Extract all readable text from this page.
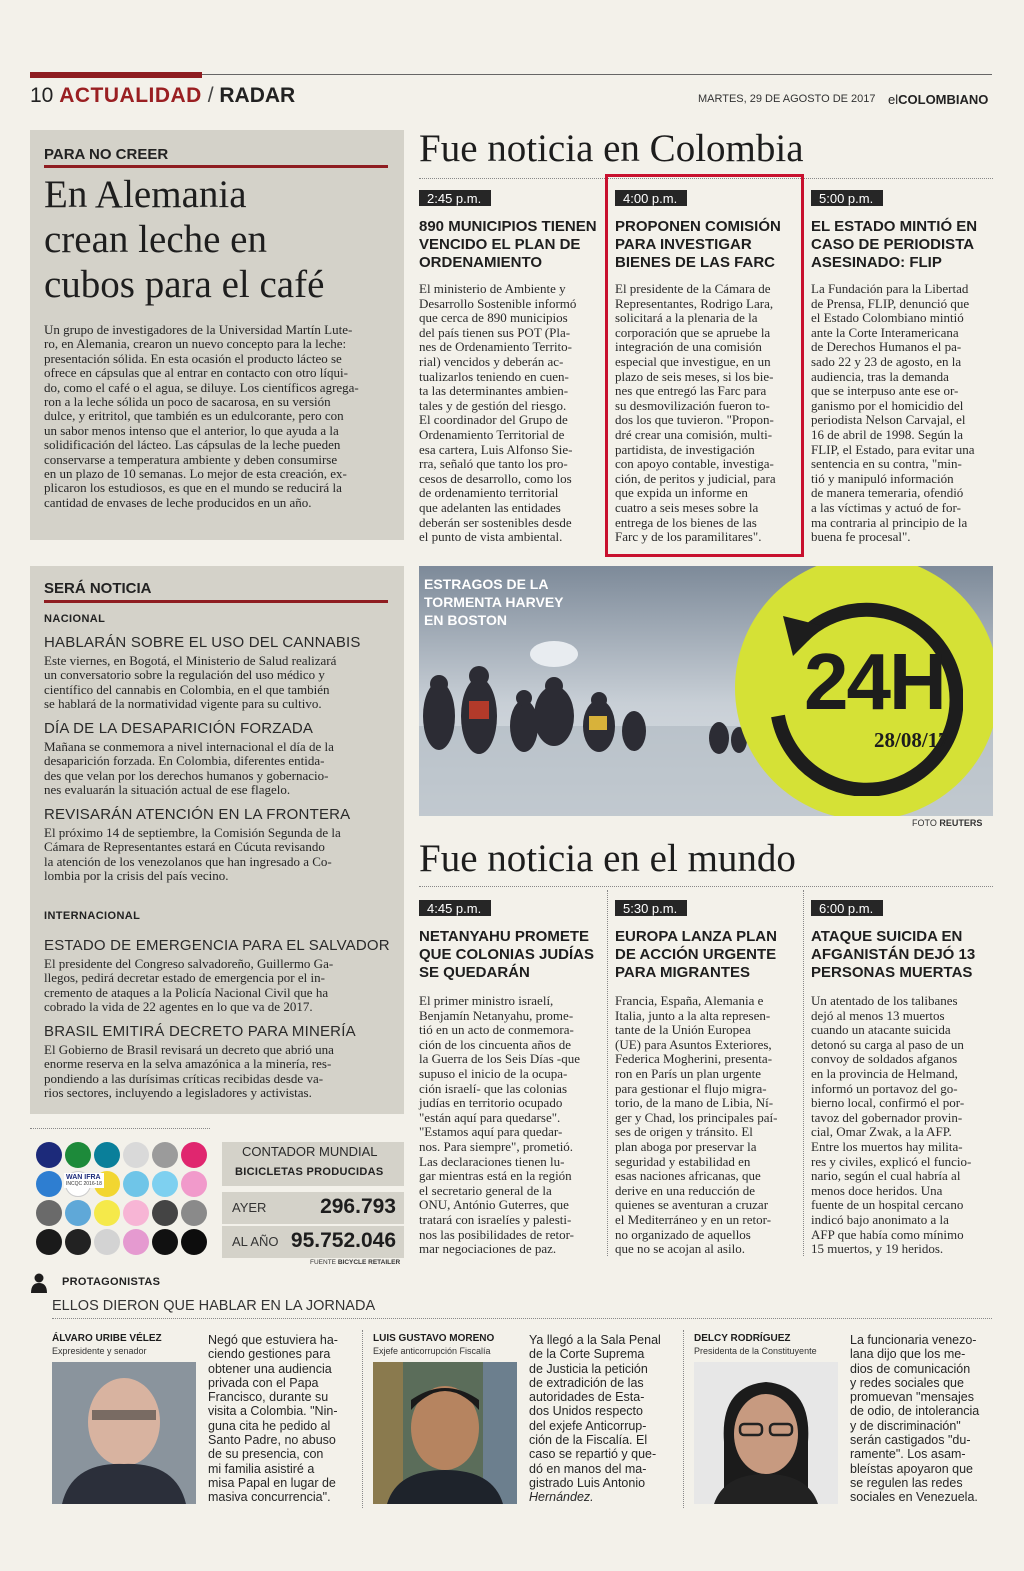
10 ACTUALIDAD / RADAR	MARTES, 29 DE AGOSTO DE 2017 elCOLOMBIANO
PARA NO CREER
En Alemania
crean leche en
cubos para el café
Un grupo de investigadores de la Universidad Martín Lute-
ro, en Alemania, crearon un nuevo concepto para la leche:
presentación sólida. En esta ocasión el producto lácteo se
ofrece en cápsulas que al entrar en contacto con otro líqui-
do, como el café o el agua, se diluye. Los científicos agrega-
ron a la leche sólida un poco de sacarosa, en su versión
dulce, y eritritol, que también es un edulcorante, pero con
un sabor menos intenso que el anterior, lo que ayuda a la
solidificación del lácteo. Las cápsulas de la leche pueden
conservarse a temperatura ambiente y deben consumirse
en un plazo de 10 semanas. Lo mejor de esta creación, ex-
plicaron los estudiosos, es que en el mundo se reducirá la
cantidad de envases de leche producidos en un año.
SERÁ NOTICIA
NACIONAL
HABLARÁN SOBRE EL USO DEL CANNABIS
Este viernes, en Bogotá, el Ministerio de Salud realizará
un conversatorio sobre la regulación del uso médico y
científico del cannabis en Colombia, en el que también
se hablará de la normatividad vigente para su cultivo.
DÍA DE LA DESAPARICIÓN FORZADA
Mañana se conmemora a nivel internacional el día de la
desaparición forzada. En Colombia, diferentes entida-
des que velan por los derechos humanos y gobernacio-
nes evaluarán la situación actual de ese flagelo.
REVISARÁN ATENCIÓN EN LA FRONTERA
El próximo 14 de septiembre, la Comisión Segunda de la
Cámara de Representantes estará en Cúcuta revisando
la atención de los venezolanos que han ingresado a Co-
lombia por la crisis del país vecino.
INTERNACIONAL
ESTADO DE EMERGENCIA PARA EL SALVADOR
El presidente del Congreso salvadoreño, Guillermo Ga-
llegos, pedirá decretar estado de emergencia por el in-
cremento de ataques a la Policía Nacional Civil que ha
cobrado la vida de 22 agentes en lo que va de 2017.
BRASIL EMITIRÁ DECRETO PARA MINERÍA
El Gobierno de Brasil revisará un decreto que abrió una
enorme reserva en la selva amazónica a la minería, res-
pondiendo a las durísimas críticas recibidas desde va-
rios sectores, incluyendo a legisladores y activistas.
Fue noticia en Colombia
2:45 p.m.
890 MUNICIPIOS TIENEN
VENCIDO EL PLAN DE
ORDENAMIENTO
El ministerio de Ambiente y
Desarrollo Sostenible informó
que cerca de 890 municipios
del país tienen sus POT (Pla-
nes de Ordenamiento Territo-
rial) vencidos y deberán ac-
tualizarlos teniendo en cuen-
ta las determinantes ambien-
tales y de gestión del riesgo.
El coordinador del Grupo de
Ordenamiento Territorial de
esa cartera, Luis Alfonso Sie-
rra, señaló que tanto los pro-
cesos de desarrollo, como los
de ordenamiento territorial
que adelanten las entidades
deberán ser sostenibles desde
el punto de vista ambiental.
4:00 p.m.
PROPONEN COMISIÓN
PARA INVESTIGAR
BIENES DE LAS FARC
El presidente de la Cámara de
Representantes, Rodrigo Lara,
solicitará a la plenaria de la
corporación que se apruebe la
integración de una comisión
especial que investigue, en un
plazo de seis meses, si los bie-
nes que entregó las Farc para
su desmovilización fueron to-
dos los que tuvieron. "Propon-
dré crear una comisión, multi-
partidista, de investigación
con apoyo contable, investiga-
ción, de peritos y judicial, para
que expida un informe en
cuatro a seis meses sobre la
entrega de los bienes de las
Farc y de los paramilitares".
5:00 p.m.
EL ESTADO MINTIÓ EN
CASO DE PERIODISTA
ASESINADO: FLIP
La Fundación para la Libertad
de Prensa, FLIP, denunció que
el Estado Colombiano mintió
ante la Corte Interamericana
de Derechos Humanos el pa-
sado 22 y 23 de agosto, en la
audiencia, tras la demanda
que se interpuso ante ese or-
ganismo por el homicidio del
periodista Nelson Carvajal, el
16 de abril de 1998. Según la
FLIP, el Estado, para evitar una
sentencia en su contra, "min-
tió y manipuló información
de manera temeraria, ofendió
a las víctimas y actuó de for-
ma contraria al principio de la
buena fe procesal".
ESTRAGOS DE LA
TORMENTA HARVEY
EN BOSTON
24H
28/08/17
FOTO REUTERS
Fue noticia en el mundo
4:45 p.m.
NETANYAHU PROMETE
QUE COLONIAS JUDÍAS
SE QUEDARÁN
El primer ministro israelí,
Benjamín Netanyahu, prome-
tió en un acto de conmemora-
ción de los cincuenta años de
la Guerra de los Seis Días -que
supuso el inicio de la ocupa-
ción israelí- que las colonias
judías en territorio ocupado
"están aquí para quedarse".
"Estamos aquí para quedar-
nos. Para siempre", prometió.
Las declaraciones tienen lu-
gar mientras está en la región
el secretario general de la
ONU, António Guterres, que
tratará con israelíes y palesti-
nos las posibilidades de retor-
mar negociaciones de paz.
5:30 p.m.
EUROPA LANZA PLAN
DE ACCIÓN URGENTE
PARA MIGRANTES
Francia, España, Alemania e
Italia, junto a la alta represen-
tante de la Unión Europea
(UE) para Asuntos Exteriores,
Federica Mogherini, presenta-
ron en París un plan urgente
para gestionar el flujo migra-
torio, de la mano de Libia, Ní-
ger y Chad, los principales paí-
ses de origen y tránsito. El
plan aboga por preservar la
seguridad y estabilidad en
esas naciones africanas, que
derive en una reducción de
quienes se aventuran a cruzar
el Mediterráneo y en un retor-
no organizado de aquellos
que no se acojan al asilo.
6:00 p.m.
ATAQUE SUICIDA EN
AFGANISTÁN DEJÓ 13
PERSONAS MUERTAS
Un atentado de los talibanes
dejó al menos 13 muertos
cuando un atacante suicida
detonó su carga al paso de un
convoy de soldados afganos
en la provincia de Helmand,
informó un portavoz del go-
bierno local, confirmó el por-
tavoz del gobernador provin-
cial, Omar Zwak, a la AFP.
Entre los muertos hay milita-
res y civiles, explicó el funcio-
nario, según el cual habría al
menos doce heridos. Una
fuente de un hospital cercano
indicó bajo anonimato a la
AFP que había como mínimo
15 muertos, y 19 heridos.
WAN IFRA
INCQC 2016-18
CONTADOR MUNDIAL
BICICLETAS PRODUCIDAS
AYER	296.793
AL AÑO 95.752.046
FUENTE BICYCLE RETAILER
PROTAGONISTAS
ELLOS DIERON QUE HABLAR EN LA JORNADA
ÁLVARO URIBE VÉLEZ
Expresidente y senador
Negó que estuviera ha-
ciendo gestiones para
obtener una audiencia
privada con el Papa
Francisco, durante su
visita a Colombia. "Nin-
guna cita he pedido al
Santo Padre, no abuso
de su presencia, con
mi familia asistiré a
misa Papal en lugar de
masiva concurrencia".
LUIS GUSTAVO MORENO
Exjefe anticorrupción Fiscalía
Ya llegó a la Sala Penal
de la Corte Suprema
de Justicia la petición
de extradición de las
autoridades de Esta-
dos Unidos respecto
del exjefe Anticorrup-
ción de la Fiscalía. El
caso se repartió y que-
dó en manos del ma-
gistrado Luis Antonio
Hernández.
DELCY RODRÍGUEZ
Presidenta de la Constituyente
La funcionaria venezo-
lana dijo que los me-
dios de comunicación
y redes sociales que
promuevan "mensajes
de odio, de intolerancia
y de discriminación"
serán castigados "du-
ramente". Los asam-
bleístas apoyaron que
se regulen las redes
sociales en Venezuela.
